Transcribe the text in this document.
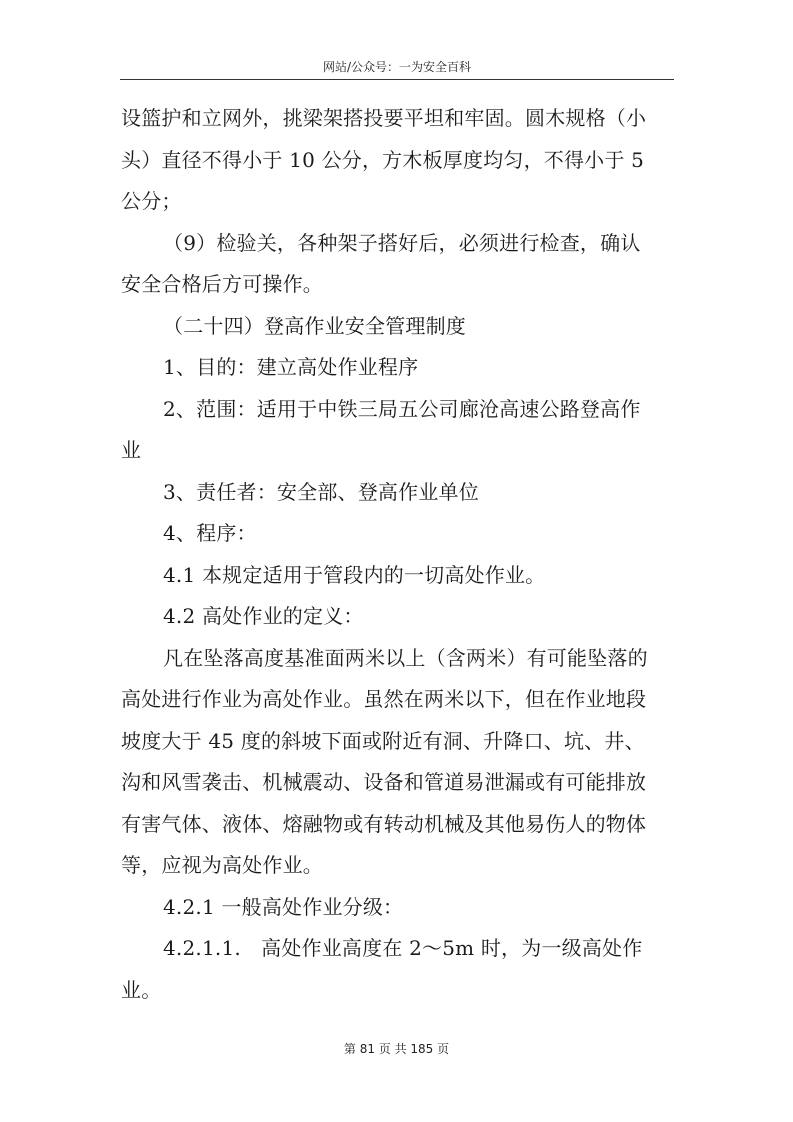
网站/公众号：一为安全百科

设篮护和立网外，挑梁架搭投要平坦和牢固。圆木规格（小

头）直径不得小于 10 公分，方木板厚度均匀，不得小于 5

公分；

（9）检验关，各种架子搭好后，必须进行检查，确认

安全合格后方可操作。

（二十四）登高作业安全管理制度

1、目的：建立高处作业程序

2、范围：适用于中铁三局五公司廊沧高速公路登高作

业

3、责任者：安全部、登高作业单位

4、程序：

4.1 本规定适用于管段内的一切高处作业。

4.2 高处作业的定义：

凡在坠落高度基准面两米以上（含两米）有可能坠落的

高处进行作业为高处作业。虽然在两米以下，但在作业地段

坡度大于 45 度的斜坡下面或附近有洞、升降口、坑、井、

沟和风雪袭击、机械震动、设备和管道易泄漏或有可能排放

有害气体、液体、熔融物或有转动机械及其他易伤人的物体

等，应视为高处作业。

4.2.1 一般高处作业分级：

4.2.1.1.　高处作业高度在 2～5m 时，为一级高处作

业。

第 81 页 共 185 页
